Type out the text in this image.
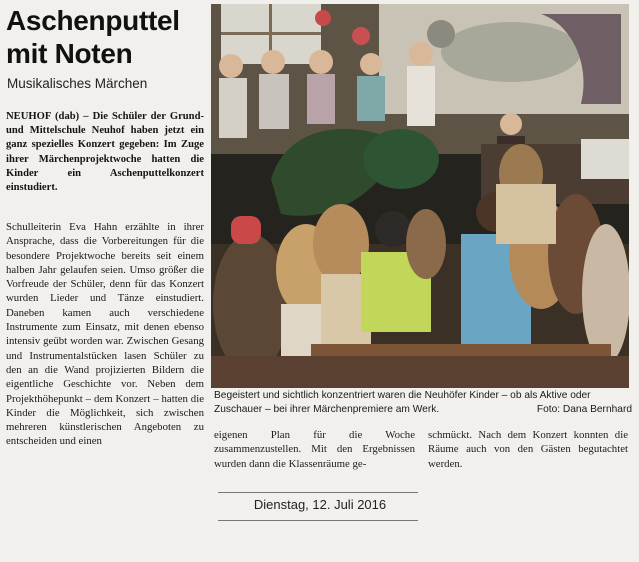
Aschenputtel
mit Noten
Musikalisches Märchen

NEUHOF (dab) – Die Schüler der Grund- und Mittelschule Neuhof haben jetzt ein ganz spezielles Konzert gegeben: Im Zuge ihrer Märchenprojektwoche hatten die Kinder ein Aschenputtelkonzert einstudiert.

Schulleiterin Eva Hahn erzählte in ihrer Ansprache, dass die Vorbereitungen für die besondere Projektwoche bereits seit einem halben Jahr gelaufen seien. Umso größer die Vorfreude der Schüler, denn für das Konzert wurden Lieder und Tänze einstudiert. Daneben kamen auch verschiedene Instrumente zum Einsatz, mit denen ebenso intensiv geübt worden war. Zwischen Gesang und Instrumentalstücken lasen Schüler zu den an die Wand projizierten Bildern die eigentliche Geschichte vor. Neben dem Projekthöhepunkt – dem Konzert – hatten die Kinder die Möglichkeit, sich zwischen mehreren künstlerischen Angeboten zu entscheiden und einen

Begeistert und sichtlich konzentriert waren die Neuhöfer Kinder – ob als Aktive oder Zuschauer – bei ihrer Märchenpremiere am Werk.	Foto: Dana Bernhard

eigenen Plan für die Woche zusammenzustellen. Mit den Ergebnissen wurden dann die Klassenräume ge-

schmückt. Nach dem Konzert konnten die Räume auch von den Gästen begutachtet werden.

Dienstag, 12. Juli 2016
